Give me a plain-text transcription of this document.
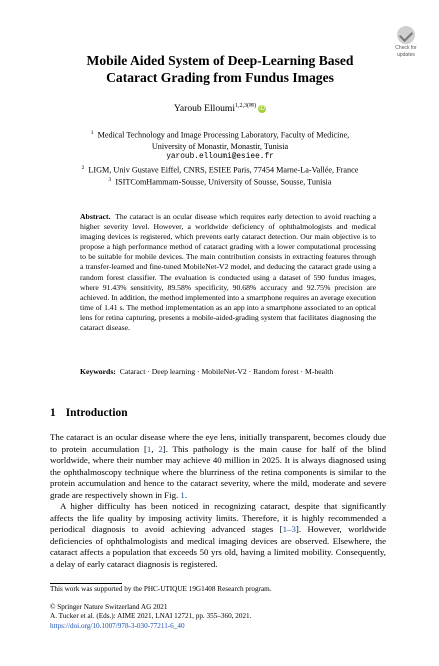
Check for
updates
Mobile Aided System of Deep-Learning Based
Cataract Grading from Fundus Images
Yaroub Elloumi$^{1,2,3(✉)}$iD
$^1$ Medical Technology and Image Processing Laboratory, Faculty of Medicine,
University of Monastir, Monastir, Tunisia
yaroub.elloumi@esiee.fr
$^2$ LIGM, Univ Gustave Eiffel, CNRS, ESIEE Paris, 77454 Marne-La-Vallée, France
$^3$ ISITComHammam-Sousse, University of Sousse, Sousse, Tunisia
Abstract. The cataract is an ocular disease which requires early detection to avoid reaching a higher severity level. However, a worldwide deficiency of ophthalmologists and medical imaging devices is registered, which prevents early cataract detection. Our main objective is to propose a high performance method of cataract grading with a lower computational processing to be suitable for mobile devices. The main contribution consists in extracting features through a transfer-learned and fine-tuned MobileNet-V2 model, and deducing the cataract grade using a random forest classifier. The evaluation is conducted using a dataset of 590 fundus images, where 91.43% sensitivity, 89.58% specificity, 90.68% accuracy and 92.75% precision are achieved. In addition, the method implemented into a smartphone requires an average execution time of 1.41 s. The method implementation as an app into a smartphone associated to an optical lens for retina capturing, presents a mobile-aided-grading system that facilitates diagnosing the cataract disease.
Keywords: Cataract · Deep learning · MobileNet-V2 · Random forest · M-health
1 Introduction

The cataract is an ocular disease where the eye lens, initially transparent, becomes cloudy due to protein accumulation [1, 2]. This pathology is the main cause for half of the blind worldwide, where their number may achieve 40 million in 2025. It is always diagnosed using the ophthalmoscopy technique where the blurriness of the retina components is similar to the protein accumulation and hence to the cataract severity, where the mild, moderate and severe grade are respectively shown in Fig. 1.

A higher difficulty has been noticed in recognizing cataract, despite that significantly affects the life quality by imposing activity limits. Therefore, it is highly recommended a periodical diagnosis to avoid achieving advanced stages [1–3]. However, worldwide deficiencies of ophthalmologists and medical imaging devices are observed. Elsewhere, the cataract affects a population that exceeds 50 yrs old, having a limited mobility. Consequently, a delay of early cataract diagnosis is registered.

This work was supported by the PHC-UTIQUE 19G1408 Research program.
© Springer Nature Switzerland AG 2021
A. Tucker et al. (Eds.): AIME 2021, LNAI 12721, pp. 355–360, 2021.
https://doi.org/10.1007/978-3-030-77211-6_40
